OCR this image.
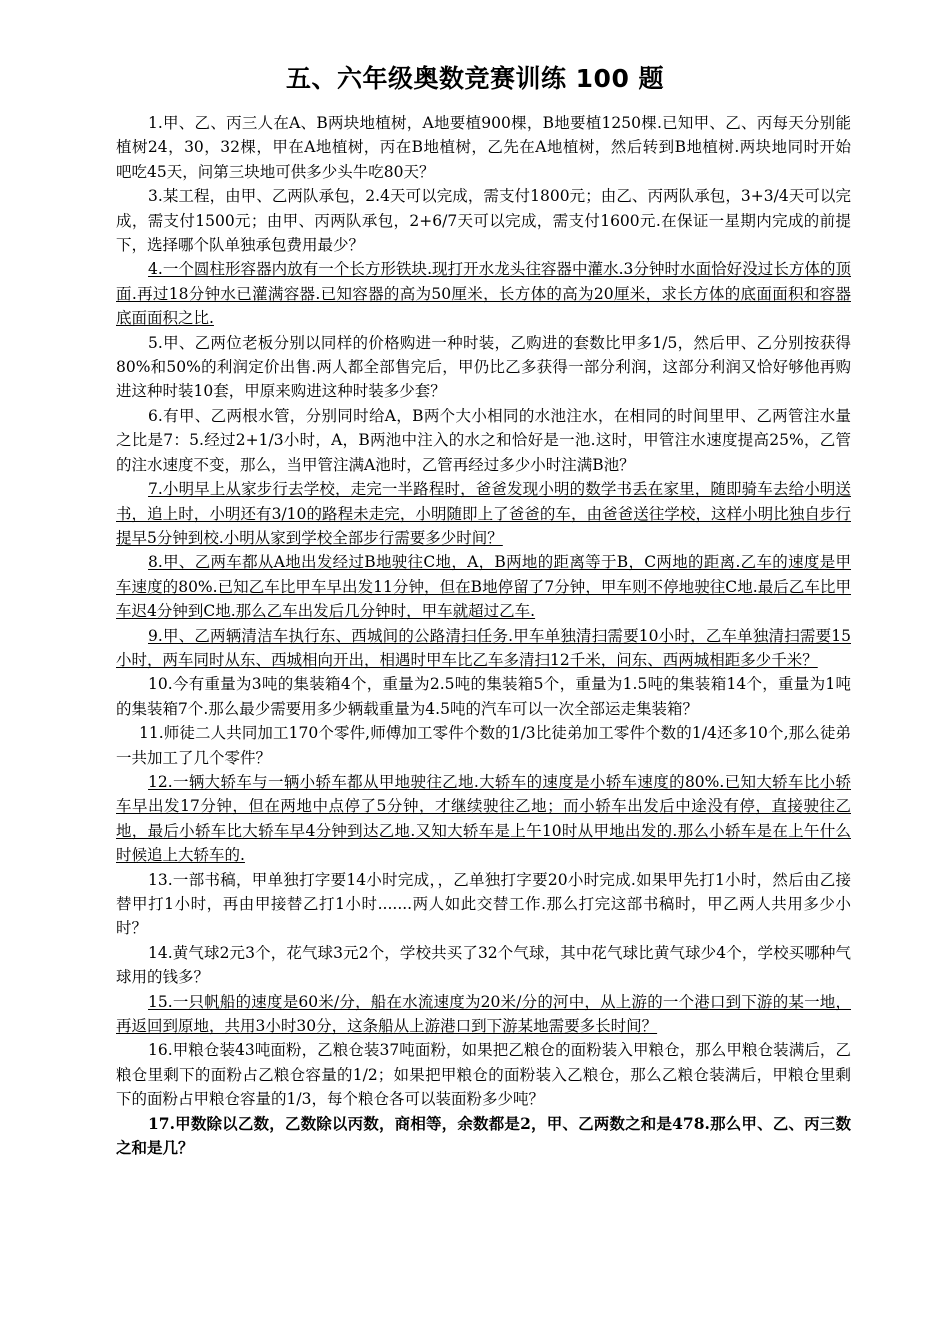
五、六年级奥数竞赛训练 100 题

1.甲、乙、丙三人在A、B两块地植树，A地要植900棵，B地要植1250棵.已知甲、乙、丙每天分别能植树24，30，32棵，甲在A地植树，丙在B地植树，乙先在A地植树，然后转到B地植树.两块地同时开始　　　吧吃45天，问第三块地可供多少头牛吃80天？

3.某工程，由甲、乙两队承包，2.4天可以完成，需支付1800元；由乙、丙两队承包，3+3/4天可以完成，需支付1500元；由甲、丙两队承包，2+6/7天可以完成，需支付1600元.在保证一星期内完成的前提下，选择哪个队单独承包费用最少？

4.一个圆柱形容器内放有一个长方形铁块.现打开水龙头往容器中灌水.3分钟时水面恰好没过长方体的顶面.再过18分钟水已灌满容器.已知容器的高为50厘米，长方体的高为20厘米，求长方体的底面面积和容器底面面积之比.

5.甲、乙两位老板分别以同样的价格购进一种时装，乙购进的套数比甲多1/5，然后甲、乙分别按获得80%和50%的利润定价出售.两人都全部售完后，甲仍比乙多获得一部分利润，这部分利润又恰好够他再购进这种时装10套，甲原来购进这种时装多少套？

6.有甲、乙两根水管，分别同时给A，B两个大小相同的水池注水，在相同的时间里甲、乙两管注水量之比是7：5.经过2+1/3小时，A，B两池中注入的水之和恰好是一池.这时，甲管注水速度提高25%，乙管的注水速度不变，那么，当甲管注满A池时，乙管再经过多少小时注满B池？

7.小明早上从家步行去学校，走完一半路程时，爸爸发现小明的数学书丢在家里，随即骑车去给小明送书，追上时，小明还有3/10的路程未走完，小明随即上了爸爸的车，由爸爸送往学校，这样小明比独自步行提早5分钟到校.小明从家到学校全部步行需要多少时间？

8.甲、乙两车都从A地出发经过B地驶往C地，A，B两地的距离等于B，C两地的距离.乙车的速度是甲车速度的80%.已知乙车比甲车早出发11分钟，但在B地停留了7分钟，甲车则不停地驶往C地.最后乙车比甲车迟4分钟到C地.那么乙车出发后几分钟时，甲车就超过乙车.

9.甲、乙两辆清洁车执行东、西城间的公路清扫任务.甲车单独清扫需要10小时，乙车单独清扫需要15小时，两车同时从东、西城相向开出，相遇时甲车比乙车多清扫12千米，问东、西两城相距多少千米？

10.今有重量为3吨的集装箱4个，重量为2.5吨的集装箱5个，重量为1.5吨的集装箱14个，重量为1吨的集装箱7个.那么最少需要用多少辆载重量为4.5吨的汽车可以一次全部运走集装箱？

11.师徒二人共同加工170个零件,师傅加工零件个数的1/3比徒弟加工零件个数的1/4还多10个,那么徒弟一共加工了几个零件？

12.一辆大轿车与一辆小轿车都从甲地驶往乙地.大轿车的速度是小轿车速度的80%.已知大轿车比小轿车早出发17分钟，但在两地中点停了5分钟，才继续驶往乙地；而小轿车出发后中途没有停，直接驶往乙地，最后小轿车比大轿车早4分钟到达乙地.又知大轿车是上午10时从甲地出发的.那么小轿车是在上午什么时候追上大轿车的.

13.一部书稿，甲单独打字要14小时完成，，乙单独打字要20小时完成.如果甲先打1小时，然后由乙接替甲打1小时，再由甲接替乙打1小时.......两人如此交替工作.那么打完这部书稿时，甲乙两人共用多少小时？

14.黄气球2元3个，花气球3元2个，学校共买了32个气球，其中花气球比黄气球少4个，学校买哪种气球用的钱多？

15.一只帆船的速度是60米/分，船在水流速度为20米/分的河中，从上游的一个港口到下游的某一地，再返回到原地，共用3小时30分，这条船从上游港口到下游某地需要多长时间？

16.甲粮仓装43吨面粉，乙粮仓装37吨面粉，如果把乙粮仓的面粉装入甲粮仓，那么甲粮仓装满后，乙粮仓里剩下的面粉占乙粮仓容量的1/2；如果把甲粮仓的面粉装入乙粮仓，那么乙粮仓装满后，甲粮仓里剩下的面粉占甲粮仓容量的1/3，每个粮仓各可以装面粉多少吨？

17.甲数除以乙数，乙数除以丙数，商相等，余数都是2，甲、乙两数之和是478.那么甲、乙、丙三数之和是几？
